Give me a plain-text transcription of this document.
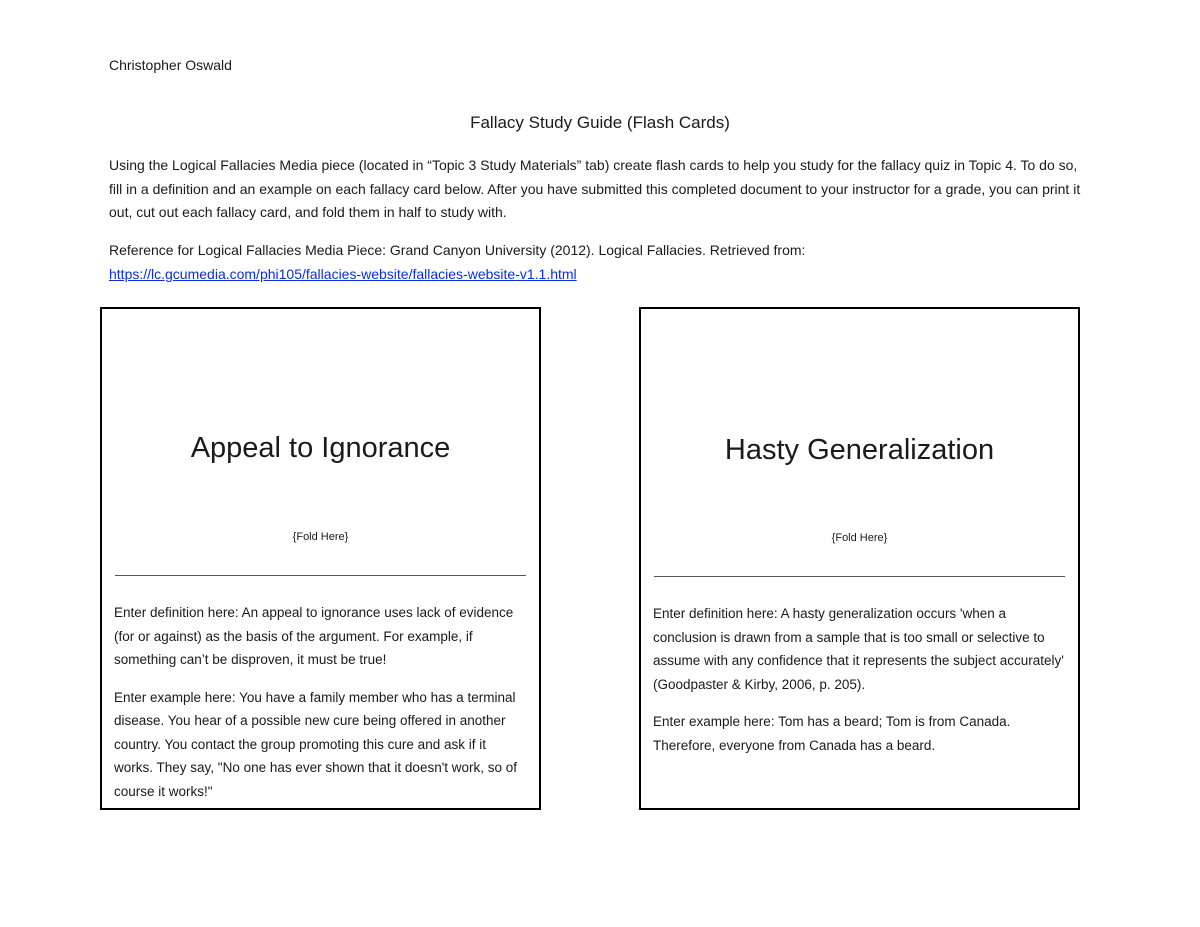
Christopher Oswald
Fallacy Study Guide (Flash Cards)
Using the Logical Fallacies Media piece (located in “Topic 3 Study Materials” tab) create flash cards to help you study for the fallacy quiz in Topic 4. To do so, fill in a definition and an example on each fallacy card below. After you have submitted this completed document to your instructor for a grade, you can print it out, cut out each fallacy card, and fold them in half to study with.
Reference for Logical Fallacies Media Piece: Grand Canyon University (2012). Logical Fallacies. Retrieved from:
https://lc.gcumedia.com/phi105/fallacies-website/fallacies-website-v1.1.html
Appeal to Ignorance
{Fold Here}

Enter definition here: An appeal to ignorance uses lack of evidence (for or against) as the basis of the argument. For example, if something can’t be disproven, it must be true!

Enter example here: You have a family member who has a terminal disease. You hear of a possible new cure being offered in another country. You contact the group promoting this cure and ask if it works. They say, "No one has ever shown that it doesn't work, so of course it works!"

Hasty Generalization
{Fold Here}

Enter definition here: A hasty generalization occurs 'when a conclusion is drawn from a sample that is too small or selective to assume with any confidence that it represents the subject accurately' (Goodpaster & Kirby, 2006, p. 205).

Enter example here: Tom has a beard; Tom is from Canada. Therefore, everyone from Canada has a beard.
